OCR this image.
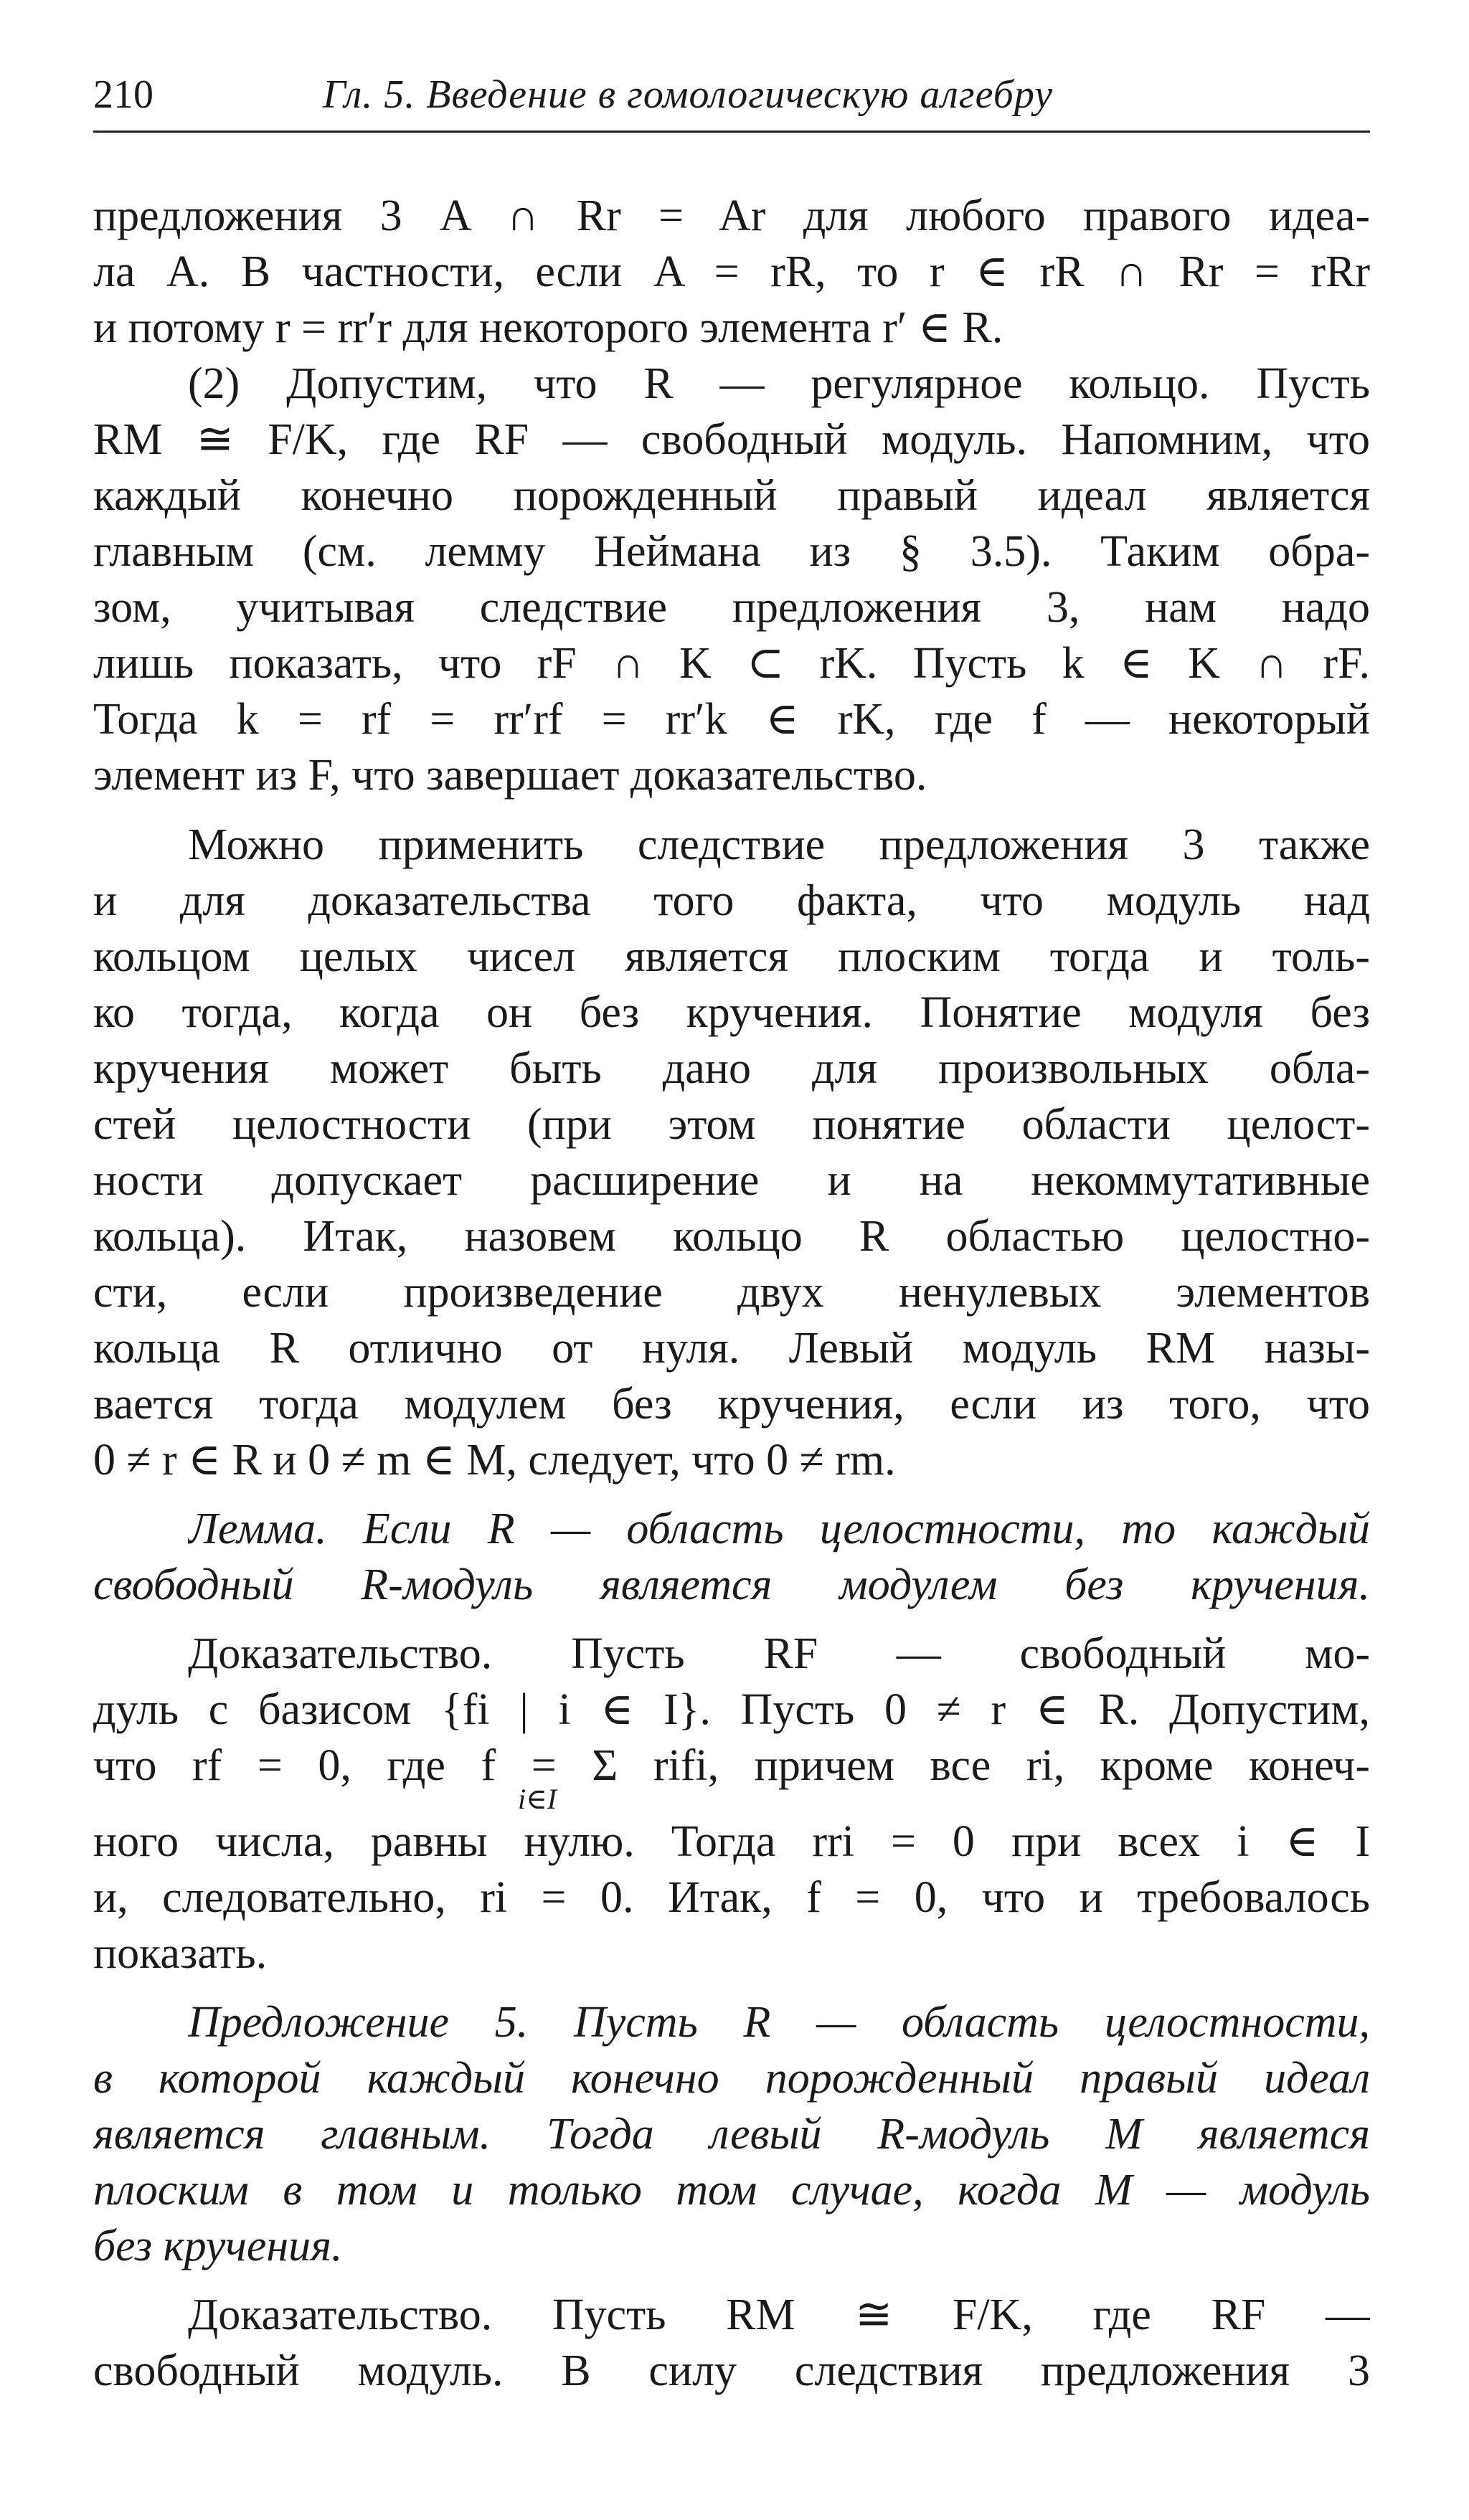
210	Гл. 5. Введение в гомологическую алгебру
предложения 3 A ∩ Rr = Ar для любого правого идеа-
ла A. В частности, если A = rR, то r ∈ rR ∩ Rr = rRr
и потому r = rr′r для некоторого элемента r′ ∈ R.
(2) Допустим, что R — регулярное кольцо. Пусть
RM ≅ F/K, где RF — свободный модуль. Напомним, что
каждый конечно порожденный правый идеал является
главным (см. лемму Неймана из § 3.5). Таким обра-
зом, учитывая следствие предложения 3, нам надо
лишь показать, что rF ∩ K ⊂ rK. Пусть k ∈ K ∩ rF.
Тогда k = rf = rr′rf = rr′k ∈ rK, где f — некоторый
элемент из F, что завершает доказательство.
Можно применить следствие предложения 3 также
и для доказательства того факта, что модуль над
кольцом целых чисел является плоским тогда и толь-
ко тогда, когда он без кручения. Понятие модуля без
кручения может быть дано для произвольных обла-
стей целостности (при этом понятие области целост-
ности допускает расширение и на некоммутативные
кольца). Итак, назовем кольцо R областью целостно-
сти, если произведение двух ненулевых элементов
кольца R отлично от нуля. Левый модуль RM назы-
вается тогда модулем без кручения, если из того, что
0 ≠ r ∈ R и 0 ≠ m ∈ M, следует, что 0 ≠ rm.
Лемма. Если R — область целостности, то каждый
свободный R-модуль является модулем без кручения.
Доказательство. Пусть RF — свободный мо-
дуль с базисом {fi | i ∈ I}. Пусть 0 ≠ r ∈ R. Допустим,
что rf = 0, где f = Σ rifi, причем все ri, кроме конеч-
i∈I
ного числа, равны нулю. Тогда rri = 0 при всех i ∈ I
и, следовательно, ri = 0. Итак, f = 0, что и требовалось
показать.
Предложение 5. Пусть R — область целостности,
в которой каждый конечно порожденный правый идеал
является главным. Тогда левый R-модуль M является
плоским в том и только том случае, когда M — модуль
без кручения.
Доказательство. Пусть RM ≅ F/K, где RF —
свободный модуль. В силу следствия предложения 3
